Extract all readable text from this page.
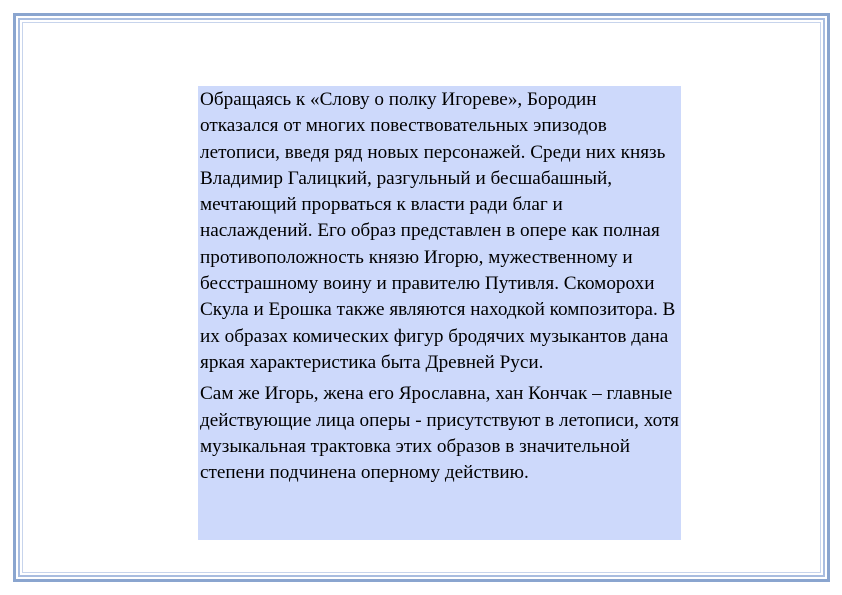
Обращаясь к «Слову о полку Игореве», Бородин отказался от многих повествовательных эпизодов летописи, введя ряд новых персонажей. Среди них князь Владимир Галицкий, разгульный и бесшабашный, мечтающий прорваться к власти ради благ и наслаждений. Его образ представлен в опере как полная противоположность князю Игорю, мужественному и бесстрашному воину и правителю Путивля. Скоморохи Скула и Ерошка также являются находкой композитора. В их образах комических фигур бродячих музыкантов дана яркая характеристика быта Древней Руси.

Сам же Игорь, жена его Ярославна, хан Кончак – главные действующие лица оперы - присутствуют в летописи, хотя музыкальная трактовка этих образов в значительной степени подчинена оперному действию.
